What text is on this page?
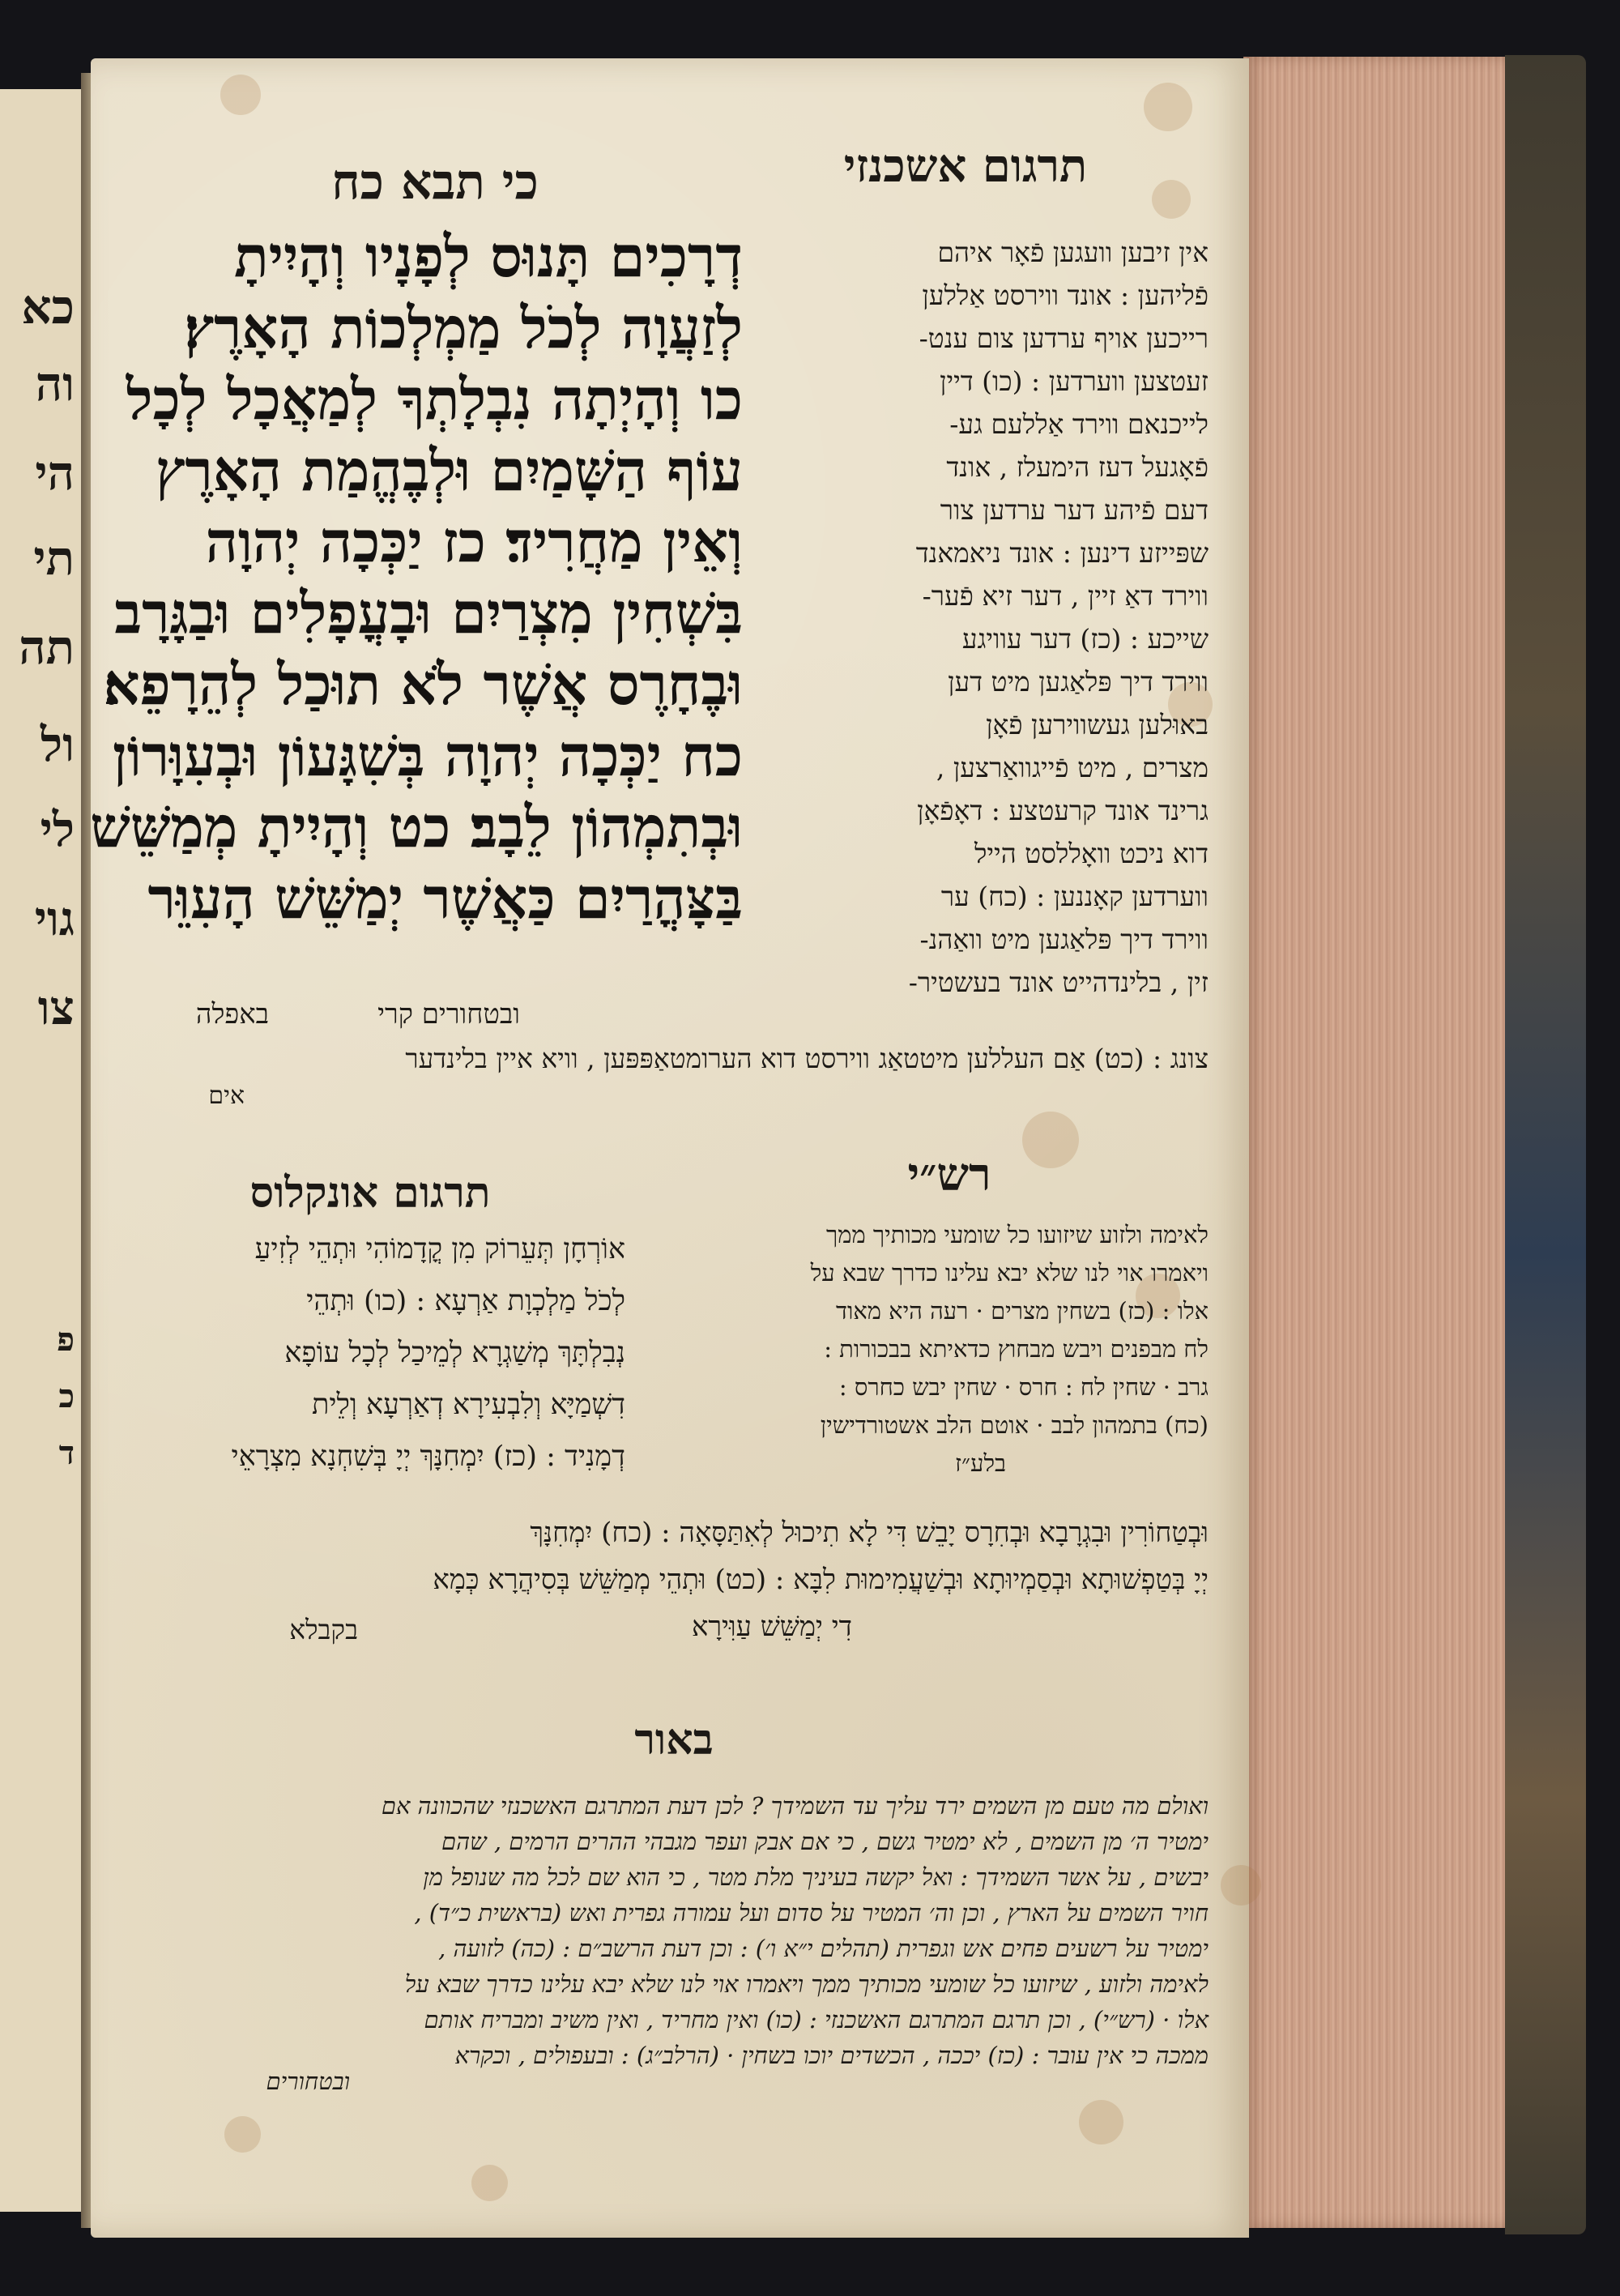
כא
וה
הי
תי
תה
ול
לי
גוי
צו
פ
כ
ד
כי תבא כח	תרגום אשכנזי
דְרָכִים תָּנוּס לְפָנָיו וְהָיִיתָ
לְזַעֲוָה לְכֹל מַמְלְכוֹת הָאָרֶץ׃
כו וְהָיְתָה נִבְלָתְךָ לְמַאֲכָל לְכָל
עוֹף הַשָּׁמַיִם וּלְבֶהֱמַת הָאָרֶץ
וְאֵין מַחֲרִיד׃ כז יַכְּכָה יְהוָה
בִּשְׁחִין מִצְרַיִם וּבָעֳפָלִים וּבַגָּרָב
וּבֶחָרֶס אֲשֶׁר לֹא תוּכַל לְהֵרָפֵא׃
כח יַכְּכָה יְהוָה בְּשִׁגָּעוֹן וּבְעִוָּרוֹן
וּבְתִמְהוֹן לֵבָב׃ כט וְהָיִיתָ מְמַשֵּׁשׁ
בַּצָּהֳרַיִם כַּאֲשֶׁר יְמַשֵּׁשׁ הָעִוֵּר
ובטחורים קרי
באפלה
אין זיבען וועגען פֿאָר איהם
פֿליהען : אונד ווירסט אַללען
רייכען אויף ערדען צום ענט-
זעטצען ווערדען : (כו) דיין
לייכנאם ווירד אַללעם גע-
פֿאָגעל דעז הימעלז , אונד
דעם פֿיהע דער ערדען צור
שפּייזע דינען : אונד ניאמאנד
ווירד דאַ זיין , דער זיא פֿער-
שייכע : (כז) דער עוויגע
ווירד דיך פּלאַגען מיט דען
באוּלען געשווירען פֿאָן
מצרים , מיט פֿייגוואַרצען ,
גרינד אונד קרעטצע : דאָפֿאָן
דוא ניכט וואָללסט הייל
ווערדען קאָננען : (כח) ער
ווירד דיך פּלאַגען מיט וואַהנ-
זין , בלינדהייט אונד בעשטיר-
צונג : (כט) אַם העללען מיטטאַג ווירסט דוא הערומטאַפּפּען , וויא איין בלינדער
אים
תרגום אונקלוס	רש״י
אוֹרְחָן תְּעֵרוֹק מִן קֳדָמוֹהִי וּתְהֵי לְזִיעַ
לְכֹל מַלְכְוָת אַרְעָא : (כו) וּתְהֵי
נְבִלְתָּךְ מְשַׁגְרָא לְמֵיכַל לְכָל עוֹפָא
דִשְׁמַיָּא וְלִבְעִירָא דְאַרְעָא וְלֵית
דְמָנִיד : (כז) יִמְחִנָּךְ יְיָ בְּשִׁחְנָא מִצְרָאֵי
לאימה ולזוע שיזועו כל שומעי מכותיך ממך
ויאמרו אוי לנו שלא יבא עלינו כדרך שבא על
אלו : (כז) בשחין מצרים · רעה היא מאוד
לח מבפנים ויבש מבחוץ כדאיתא בבכורות :
גרב · שחין לח : חרס · שחין יבש כחרס :
(כח) בתמהון לבב · אוטם הלב אשטורדישין
בלע״ז
וּבְטַחוֹרִין וּבִגְרָבָא וּבְחִרָס יָבֵשׁ דִּי לָא תִיכוּל לְאִתַּסָּאָה : (כח) יִמְחִנָּךְ
יְיָ בְּטַפְשׁוּתָא וּבְסַמְיוּתָא וּבְשַׁעֲמִימוּת לִבָּא : (כט) וּתְהֵי מְמַשֵּׁשׁ בְּסִיהֲרָא כְּמָא
דִי יְמַשֵּׁשׁ עַוִּירָא
בקבלא
באור
ואולם מה טעם מן השמים ירד עליך עד השמידך ? לכן דעת המתרגם האשכנזי שהכוונה אם
ימטיר ה׳ מן השמים , לא ימטיר גשם , כי אם אבק ועפר מגבהי ההרים הרמים , שהם
יבשים , על אשר השמידך : ואל יקשה בעיניך מלת מטר , כי הוא שם לכל מה שנופל מן
חויר השמים על הארץ , וכן וה׳ המטיר על סדום ועל עמורה גפרית ואש (בראשית כ״ד) ,
ימטיר על רשעים פחים אש וגפרית (תהלים י״א ו׳) : וכן דעת הרשב״ם : (כה) לזועה ,
לאימה ולזוע , שיזועו כל שומעי מכותיך ממך ויאמרו אוי לנו שלא יבא עלינו כדרך שבא על
אלו · (רש״י) , וכן תרגם המתרגם האשכנזי : (כו) ואין מחריד , ואין משיב ומבריח אותם
ממכה כי אין עובר : (כז) יככה , הכשדים יוכו בשחין · (הרלב״ג) : ובעפולים , וכקרא
ובטחורים
